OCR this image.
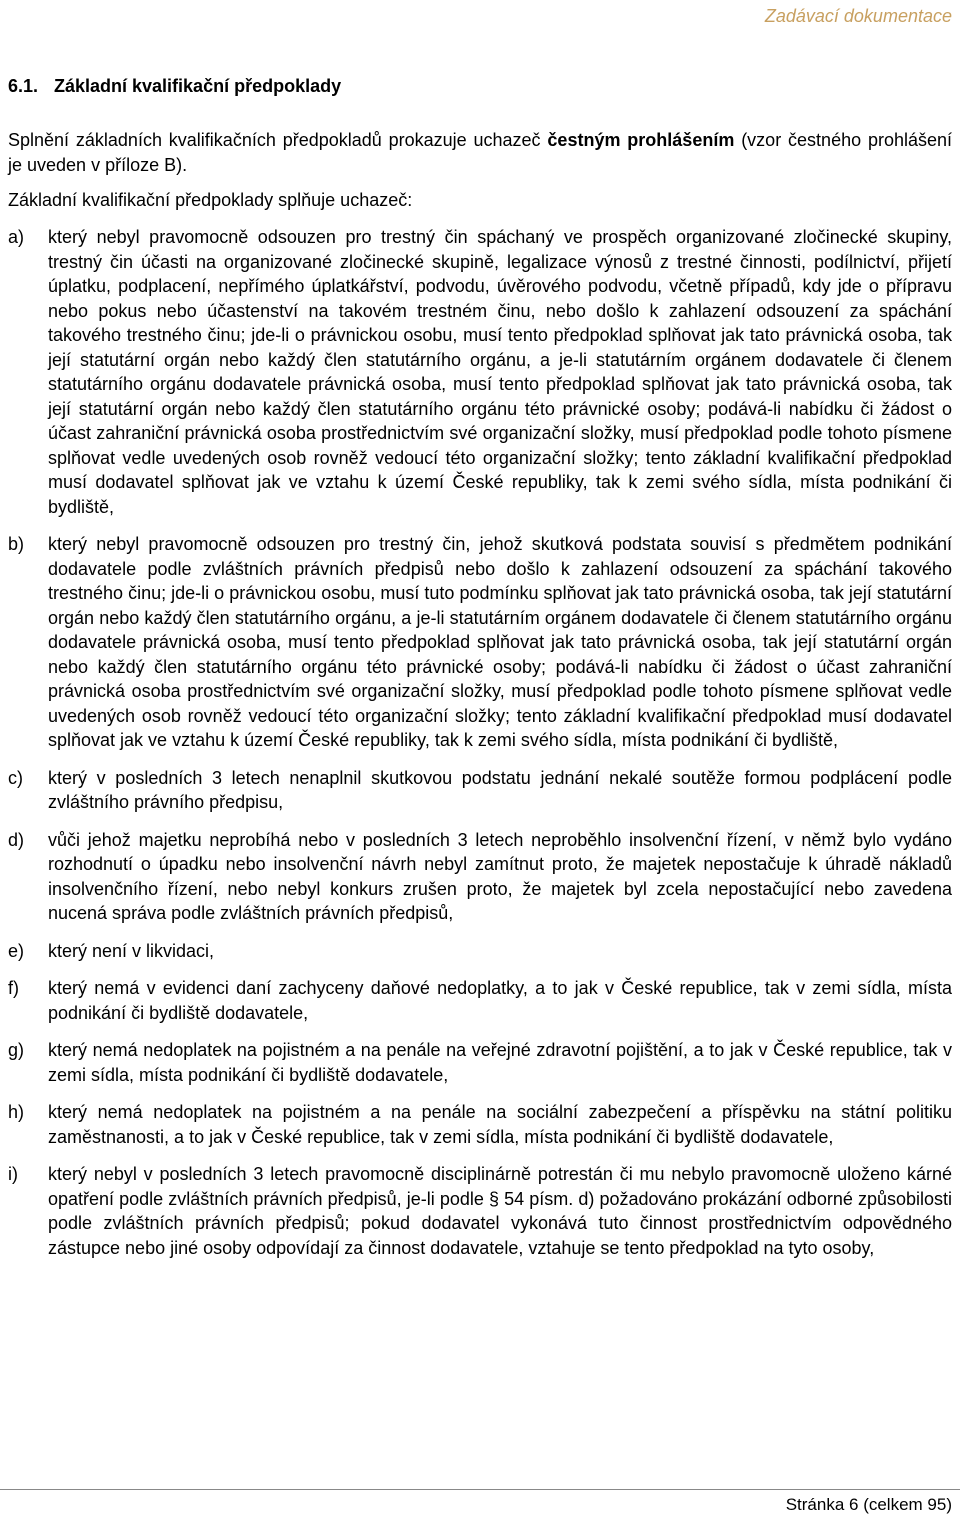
Zadávací dokumentace
6.1. Základní kvalifikační předpoklady
Splnění základních kvalifikačních předpokladů prokazuje uchazeč čestným prohlášením (vzor čestného prohlášení je uveden v příloze B).
Základní kvalifikační předpoklady splňuje uchazeč:
a) který nebyl pravomocně odsouzen pro trestný čin spáchaný ve prospěch organizované zločinecké skupiny, trestný čin účasti na organizované zločinecké skupině, legalizace výnosů z trestné činnosti, podílnictví, přijetí úplatku, podplacení, nepřímého úplatkářství, podvodu, úvěrového podvodu, včetně případů, kdy jde o přípravu nebo pokus nebo účastenství na takovém trestném činu, nebo došlo k zahlazení odsouzení za spáchání takového trestného činu; jde-li o právnickou osobu, musí tento předpoklad splňovat jak tato právnická osoba, tak její statutární orgán nebo každý člen statutárního orgánu, a je-li statutárním orgánem dodavatele či členem statutárního orgánu dodavatele právnická osoba, musí tento předpoklad splňovat jak tato právnická osoba, tak její statutární orgán nebo každý člen statutárního orgánu této právnické osoby; podává-li nabídku či žádost o účast zahraniční právnická osoba prostřednictvím své organizační složky, musí předpoklad podle tohoto písmene splňovat vedle uvedených osob rovněž vedoucí této organizační složky; tento základní kvalifikační předpoklad musí dodavatel splňovat jak ve vztahu k území České republiky, tak k zemi svého sídla, místa podnikání či bydliště,
b) který nebyl pravomocně odsouzen pro trestný čin, jehož skutková podstata souvisí s předmětem podnikání dodavatele podle zvláštních právních předpisů nebo došlo k zahlazení odsouzení za spáchání takového trestného činu; jde-li o právnickou osobu, musí tuto podmínku splňovat jak tato právnická osoba, tak její statutární orgán nebo každý člen statutárního orgánu, a je-li statutárním orgánem dodavatele či členem statutárního orgánu dodavatele právnická osoba, musí tento předpoklad splňovat jak tato právnická osoba, tak její statutární orgán nebo každý člen statutárního orgánu této právnické osoby; podává-li nabídku či žádost o účast zahraniční právnická osoba prostřednictvím své organizační složky, musí předpoklad podle tohoto písmene splňovat vedle uvedených osob rovněž vedoucí této organizační složky; tento základní kvalifikační předpoklad musí dodavatel splňovat jak ve vztahu k území České republiky, tak k zemi svého sídla, místa podnikání či bydliště,
c) který v posledních 3 letech nenaplnil skutkovou podstatu jednání nekalé soutěže formou podplácení podle zvláštního právního předpisu,
d) vůči jehož majetku neprobíhá nebo v posledních 3 letech neproběhlo insolvenční řízení, v němž bylo vydáno rozhodnutí o úpadku nebo insolvenční návrh nebyl zamítnut proto, že majetek nepostačuje k úhradě nákladů insolvenčního řízení, nebo nebyl konkurs zrušen proto, že majetek byl zcela nepostačující nebo zavedena nucená správa podle zvláštních právních předpisů,
e) který není v likvidaci,
f) který nemá v evidenci daní zachyceny daňové nedoplatky, a to jak v České republice, tak v zemi sídla, místa podnikání či bydliště dodavatele,
g) který nemá nedoplatek na pojistném a na penále na veřejné zdravotní pojištění, a to jak v České republice, tak v zemi sídla, místa podnikání či bydliště dodavatele,
h) který nemá nedoplatek na pojistném a na penále na sociální zabezpečení a příspěvku na státní politiku zaměstnanosti, a to jak v České republice, tak v zemi sídla, místa podnikání či bydliště dodavatele,
i) který nebyl v posledních 3 letech pravomocně disciplinárně potrestán či mu nebylo pravomocně uloženo kárné opatření podle zvláštních právních předpisů, je-li podle § 54 písm. d) požadováno prokázání odborné způsobilosti podle zvláštních právních předpisů; pokud dodavatel vykonává tuto činnost prostřednictvím odpovědného zástupce nebo jiné osoby odpovídají za činnost dodavatele, vztahuje se tento předpoklad na tyto osoby,
Stránka 6 (celkem 95)
